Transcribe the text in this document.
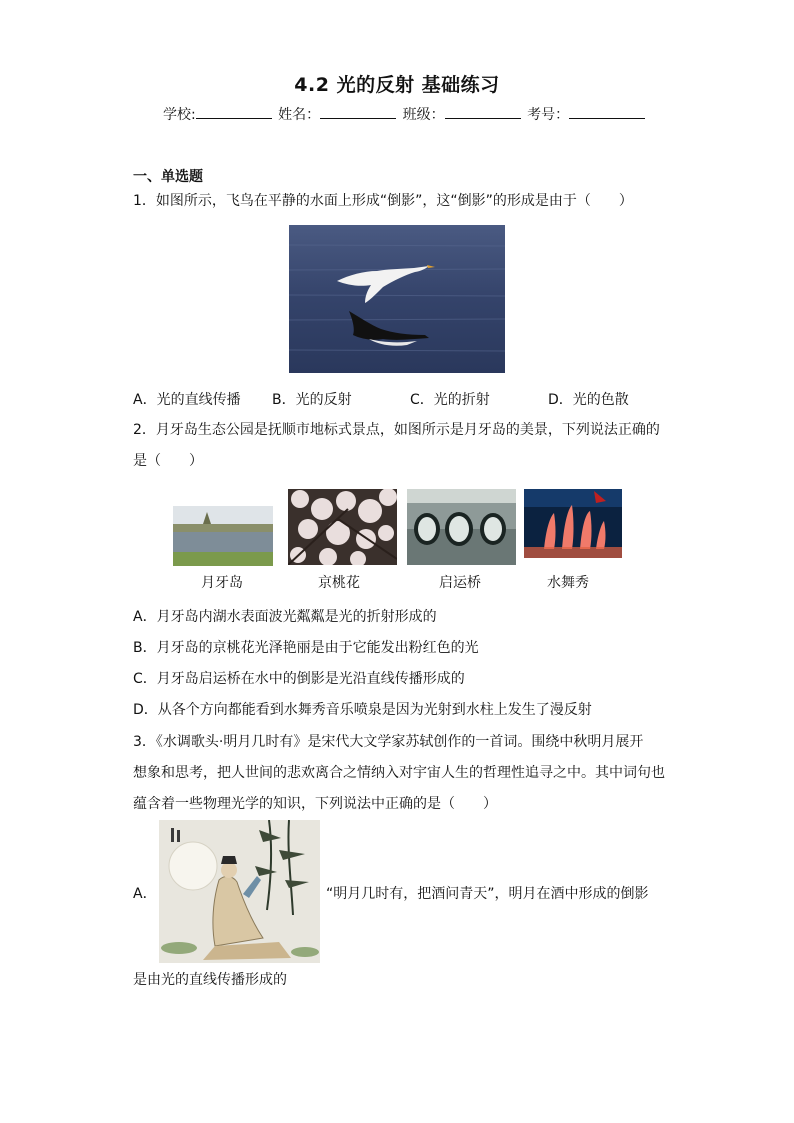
4.2 光的反射 基础练习
学校:	姓名：	班级：	考号：
一、单选题
1．如图所示，飞鸟在平静的水面上形成“倒影”，这“倒影”的形成是由于（　　）
A．光的直线传播 B．光的反射	C．光的折射	D．光的色散
2．月牙岛生态公园是抚顺市地标式景点，如图所示是月牙岛的美景，下列说法正确的
是（　　）
月牙岛	京桃花	启运桥	水舞秀
A．月牙岛内湖水表面波光粼粼是光的折射形成的
B．月牙岛的京桃花光泽艳丽是由于它能发出粉红色的光
C．月牙岛启运桥在水中的倒影是光沿直线传播形成的
D．从各个方向都能看到水舞秀音乐喷泉是因为光射到水柱上发生了漫反射
3．《水调歌头·明月几时有》是宋代大文学家苏轼创作的一首词。围绕中秋明月展开
想象和思考，把人世间的悲欢离合之情纳入对宇宙人生的哲理性追寻之中。其中词句也
蕴含着一些物理光学的知识，下列说法中正确的是（　　）
A．	“明月几时有，把酒问青天”，明月在酒中形成的倒影
是由光的直线传播形成的
